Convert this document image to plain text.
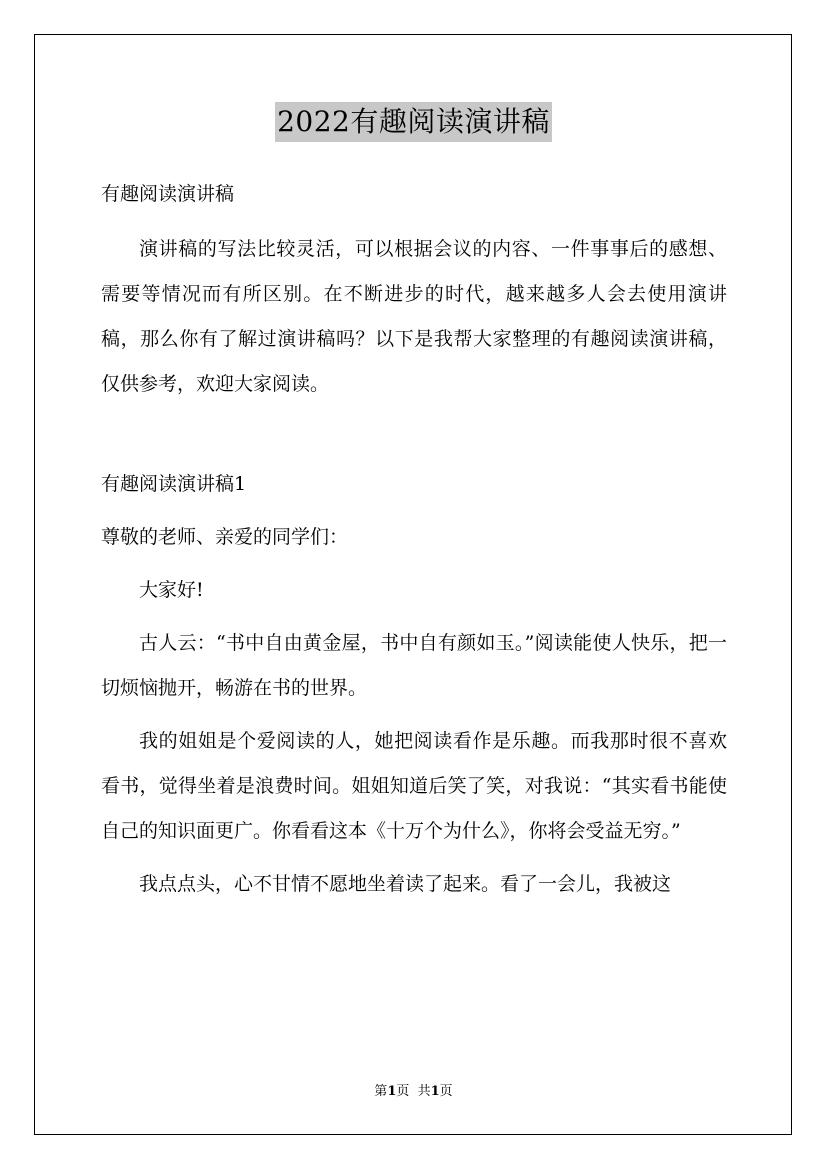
2022有趣阅读演讲稿

有趣阅读演讲稿

演讲稿的写法比较灵活，可以根据会议的内容、一件事事后的感想、需要等情况而有所区别。在不断进步的时代，越来越多人会去使用演讲稿，那么你有了解过演讲稿吗？以下是我帮大家整理的有趣阅读演讲稿，仅供参考，欢迎大家阅读。

有趣阅读演讲稿1

尊敬的老师、亲爱的同学们：

大家好!

古人云：“书中自由黄金屋，书中自有颜如玉。”阅读能使人快乐，把一切烦恼抛开，畅游在书的世界。

我的姐姐是个爱阅读的人，她把阅读看作是乐趣。而我那时很不喜欢看书，觉得坐着是浪费时间。姐姐知道后笑了笑，对我说：“其实看书能使自己的知识面更广。你看看这本《十万个为什么》，你将会受益无穷。”

我点点头，心不甘情不愿地坐着读了起来。看了一会儿，我被这

第1页  共1页
